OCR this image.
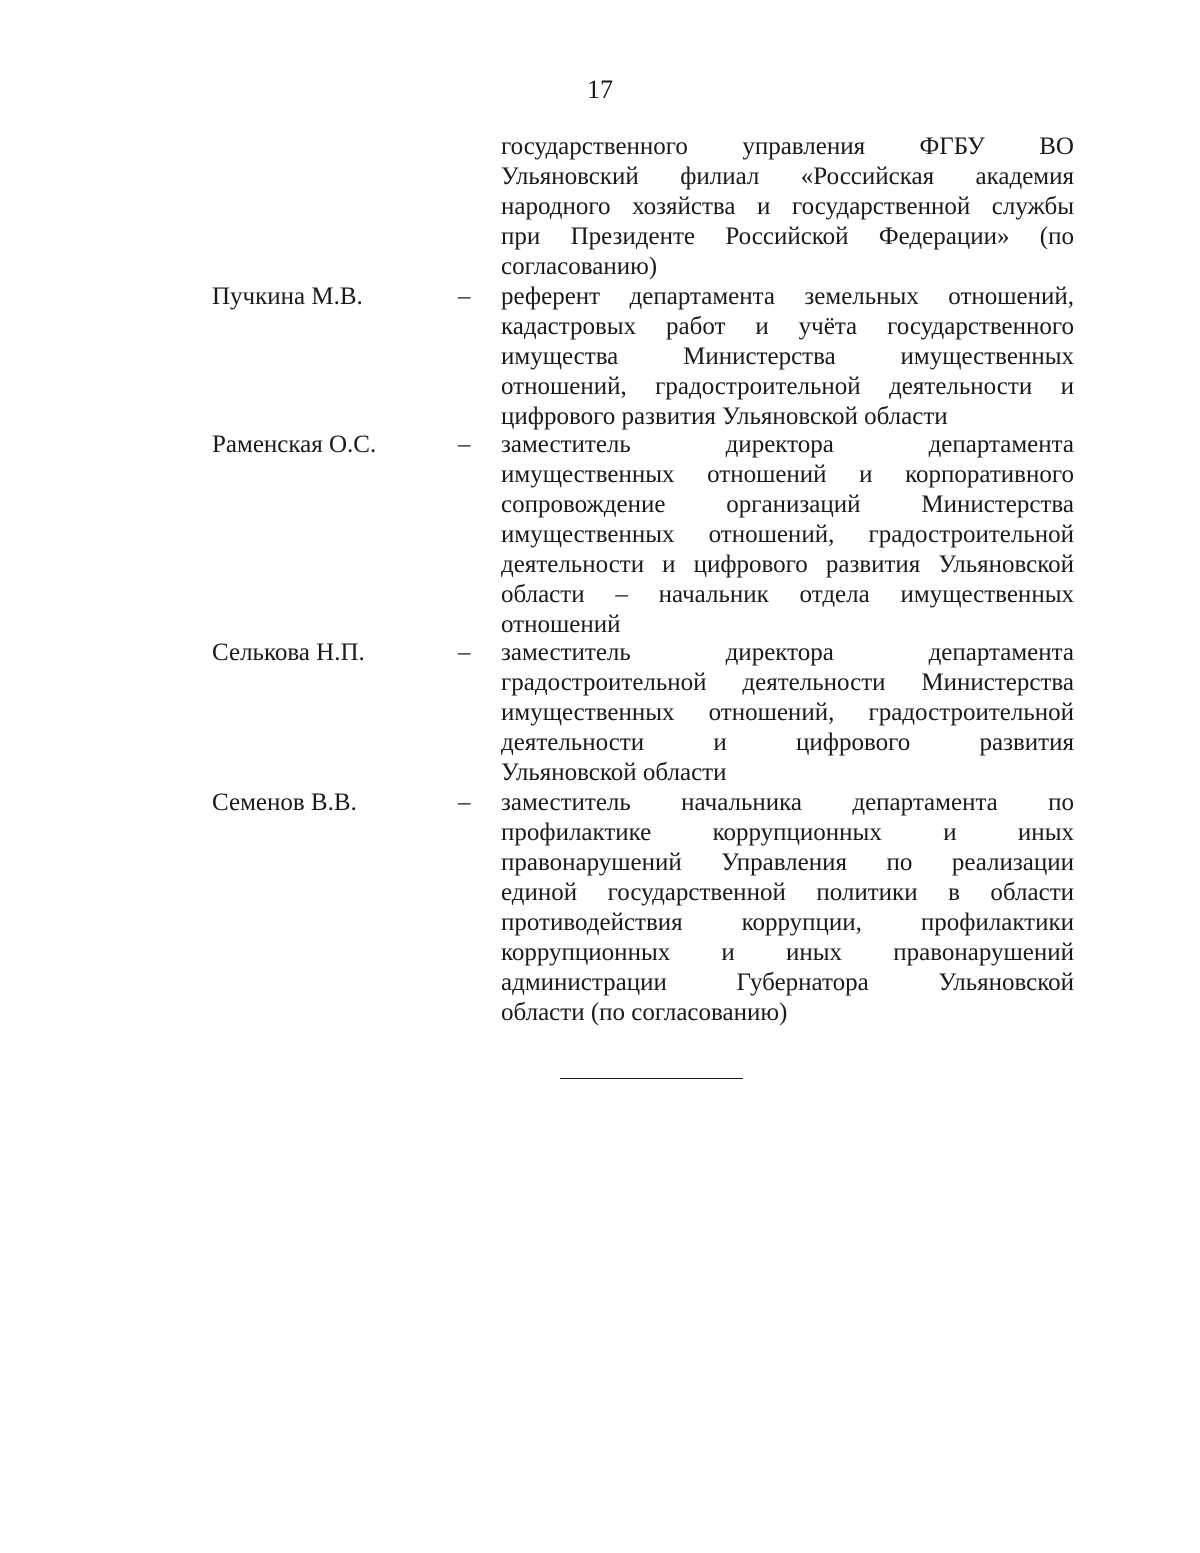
17
государственного управления ФГБУ ВО
Ульяновский филиал «Российская академия
народного хозяйства и государственной службы
при Президенте Российской Федерации» (по
согласованию)
Пучкина М.В.	– референт департамента земельных отношений,
кадастровых работ и учёта государственного
имущества Министерства имущественных
отношений, градостроительной деятельности и
цифрового развития Ульяновской области
Раменская О.С.	– заместитель директора департамента
имущественных отношений и корпоративного
сопровождение организаций Министерства
имущественных отношений, градостроительной
деятельности и цифрового развития Ульяновской
области – начальник отдела имущественных
отношений
Селькова Н.П.	– заместитель директора департамента
градостроительной деятельности Министерства
имущественных отношений, градостроительной
деятельности и цифрового развития
Ульяновской области
Семенов В.В.	– заместитель начальника департамента по
профилактике коррупционных и иных
правонарушений Управления по реализации
единой государственной политики в области
противодействия коррупции, профилактики
коррупционных и иных правонарушений
администрации Губернатора Ульяновской
области (по согласованию)
